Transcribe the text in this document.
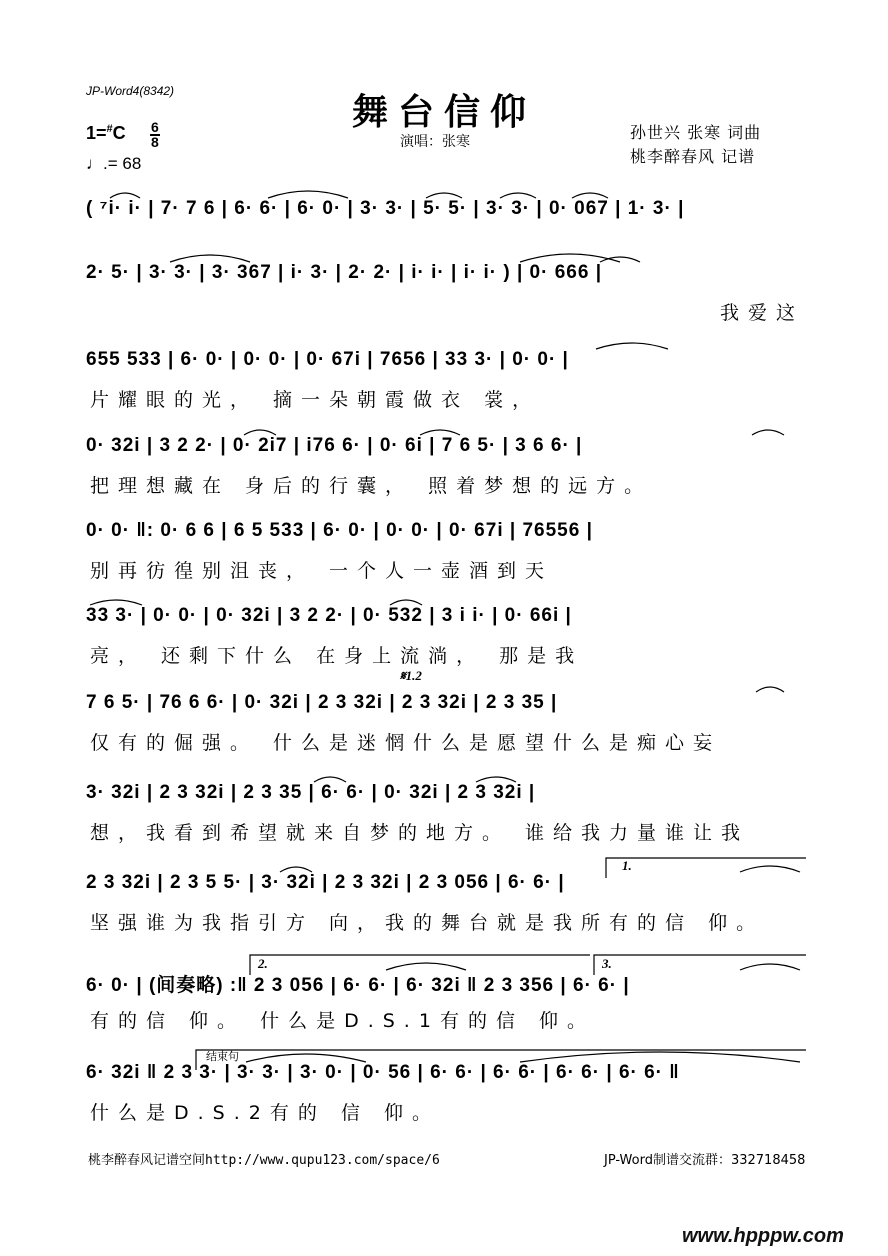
JP-Word4(8342)	舞台信仰
演唱：张寒	孙世兴 张寒 词曲
桃李醉春风 记谱
1=#C 6
8
♩.= 68
( ⁷i· i· | 7· 7 6 | 6· 6· | 6· 0· | 3· 3· | 5· 5· | 3· 3· | 0· 067 | 1· 3· |
2· 5· | 3· 3· | 3· 367 | i· 3· | 2· 2· | i· i· | i· i· ) | 0· 666 |
我爱这
655 533 | 6· 0· | 0· 0· | 0· 67i | 7656 | 33 3· | 0· 0· |
片耀眼的光， 摘一朵朝霞做衣 裳，
0· 32i | 3 2 2· | 0· 2i7 | i76 6· | 0· 6i | 7 6 5· | 3 6 6· |
把理想藏在 身后的行囊， 照着梦想的远方。
0· 0· ‖: 0· 6 6 | 6 5 533 | 6· 0· | 0· 0· | 0· 67i | 76556 |
别再彷徨别沮丧， 一个人一壶酒到天
33 3· | 0· 0· | 0· 32i | 3 2 2· | 0· 532 | 3 i i· | 0· 66i |
亮， 还剩下什么 在身上流淌， 那是我
7 6 5· | 76 6 6· | 0· 32i | 2 3 32i | 2 3 32i | 2 3 35 |
仅有的倔强。 什么是迷惘什么是愿望什么是痴心妄
3· 32i | 2 3 32i | 2 3 35 | 6· 6· | 0· 32i | 2 3 32i |
想，我看到希望就来自梦的地方。 谁给我力量谁让我
2 3 32i | 2 3 5 5· | 3· 32i | 2 3 32i | 2 3 056 | 6· 6· |
坚强谁为我指引方 向，我的舞台就是我所有的信 仰。
6· 0· | (间奏略) :‖ 2 3 056 | 6· 6· | 6· 32i ‖ 2 3 356 | 6· 6· |
有的信 仰。 什么是D.S.1有的信 仰。
6· 32i ‖ 2 3 3· | 3· 3· | 3· 0· | 0· 56 | 6· 6· | 6· 6· | 6· 6· | 6· 6· ‖
什么是D.S.2有的 信 仰。
𝄋1.2
1.
2.	3.
结束句
桃李醉春风记谱空间http://www.qupu123.com/space/6	JP-Word制谱交流群：332718458
www.hpppw.com
